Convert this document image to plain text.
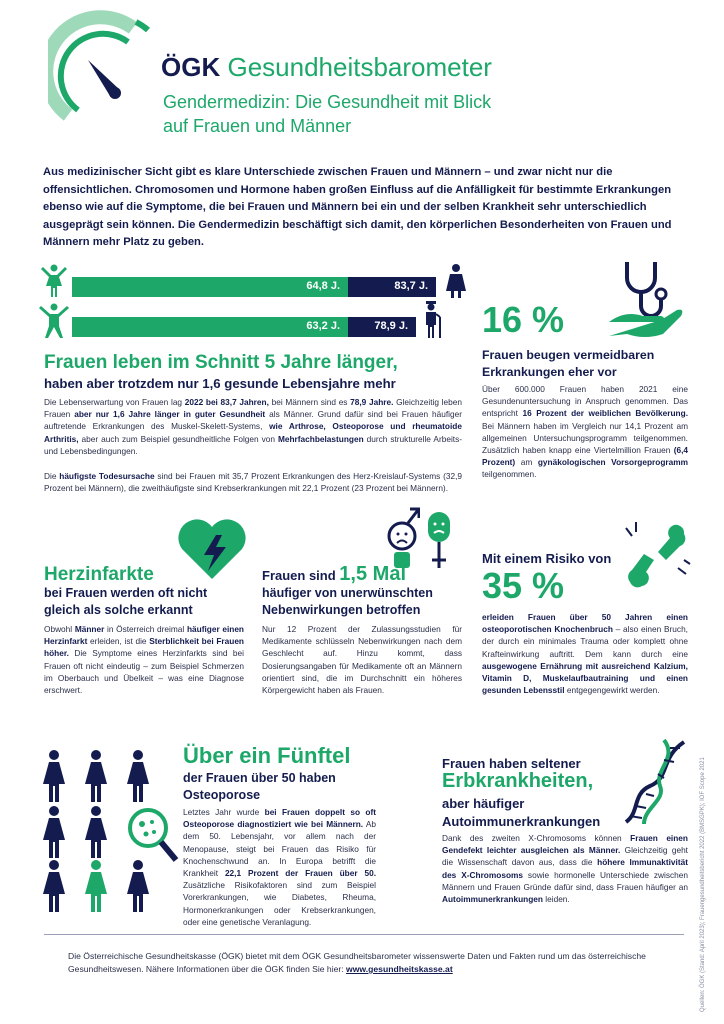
ÖGK Gesundheitsbarometer
Gendermedizin: Die Gesundheit mit Blick
auf Frauen und Männer
Aus medizinischer Sicht gibt es klare Unterschiede zwischen Frauen und Männern – und zwar nicht nur die offensichtlichen. Chromosomen und Hormone haben großen Einfluss auf die Anfälligkeit für bestimmte Erkrankungen ebenso wie auf die Symptome, die bei Frauen und Männern bei ein und der selben Krankheit sehr unterschiedlich ausgeprägt sein können. Die Gendermedizin beschäftigt sich damit, den körperlichen Besonderheiten von Frauen und Männern mehr Platz zu geben.
64,8 J.	83,7 J.
63,2 J.	78,9 J.
Frauen leben im Schnitt 5 Jahre länger,
haben aber trotzdem nur 1,6 gesunde Lebensjahre mehr
Die Lebenserwartung von Frauen lag 2022 bei 83,7 Jahren, bei Männern sind es 78,9 Jahre. Gleichzeitig leben Frauen aber nur 1,6 Jahre länger in guter Gesundheit als Männer. Grund dafür sind bei Frauen häufiger auftretende Erkrankungen des Muskel-Skelett-Systems, wie Arthrose, Osteoporose und rheumatoide Arthritis, aber auch zum Beispiel gesundheitliche Folgen von Mehrfachbelastungen durch strukturelle Arbeits- und Lebensbedingungen.
Die häufigste Todesursache sind bei Frauen mit 35,7 Prozent Erkrankungen des Herz-Kreislauf-Systems (32,9 Prozent bei Männern), die zweithäufigste sind Krebserkrankungen mit 22,1 Prozent (23 Prozent bei Männern).
16 %
Frauen beugen vermeidbaren Erkrankungen eher vor
Über 600.000 Frauen haben 2021 eine Gesundenuntersuchung in Anspruch genommen. Das entspricht 16 Prozent der weiblichen Bevölkerung. Bei Männern haben im Vergleich nur 14,1 Prozent am allgemeinen Untersuchungsprogramm teilgenommen. Zusätzlich haben knapp eine Viertelmillion Frauen (6,4 Prozent) am gynäkologischen Vorsorgeprogramm teilgenommen.
Herzinfarkte
bei Frauen werden oft nicht gleich als solche erkannt
Obwohl Männer in Österreich dreimal häufiger einen Herzinfarkt erleiden, ist die Sterblichkeit bei Frauen höher. Die Symptome eines Herzinfarkts sind bei Frauen oft nicht eindeutig – zum Beispiel Schmerzen im Oberbauch und Übelkeit – was eine Diagnose erschwert.
Frauen sind 1,5 Mal
häufiger von unerwünschten Nebenwirkungen betroffen
Nur 12 Prozent der Zulassungsstudien für Medikamente schlüsseln Nebenwirkungen nach dem Geschlecht auf. Hinzu kommt, dass Dosierungsangaben für Medikamente oft an Männern orientiert sind, die im Durchschnitt ein höheres Körpergewicht haben als Frauen.
Mit einem Risiko von
35 %
erleiden Frauen über 50 Jahren einen osteoporotischen Knochenbruch – also einen Bruch, der durch ein minimales Trauma oder komplett ohne Krafteinwirkung auftritt. Dem kann durch eine ausgewogene Ernährung mit ausreichend Kalzium, Vitamin D, Muskelaufbautraining und einen gesunden Lebensstil entgegengewirkt werden.
Über ein Fünftel
der Frauen über 50 haben Osteoporose
Letztes Jahr wurde bei Frauen doppelt so oft Osteoporose diagnostiziert wie bei Männern. Ab dem 50. Lebensjahr, vor allem nach der Menopause, steigt bei Frauen das Risiko für Knochenschwund an. In Europa betrifft die Krankheit 22,1 Prozent der Frauen über 50. Zusätzliche Risikofaktoren sind zum Beispiel Vorerkrankungen, wie Diabetes, Rheuma, Hormonerkrankungen oder Krebserkrankungen, oder eine genetische Veranlagung.
Frauen haben seltener
Erbkrankheiten,
aber häufiger
Autoimmunerkrankungen
Dank des zweiten X-Chromosoms können Frauen einen Gendefekt leichter ausgleichen als Männer. Gleichzeitig geht die Wissenschaft davon aus, dass die höhere Immunaktivität des X-Chromosoms sowie hormonelle Unterschiede zwischen Männern und Frauen Gründe dafür sind, dass Frauen häufiger an Autoimmunerkrankungen leiden.
Die Österreichische Gesundheitskasse (ÖGK) bietet mit dem ÖGK Gesundheitsbarometer wissenswerte Daten und Fakten rund um das österreichische Gesundheitswesen. Nähere Informationen über die ÖGK finden Sie hier: www.gesundheitskasse.at	Quellen: ÖGK (Stand: April 2023); Frauengesundheitsbericht 2022 (BMSGPK); IOF Scope 2021
